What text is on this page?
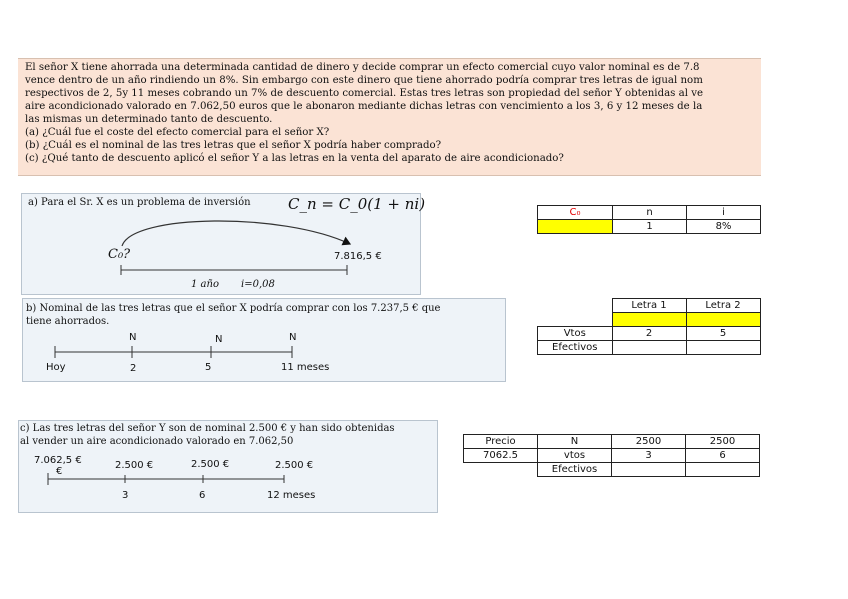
El señor X tiene ahorrada una determinada cantidad de dinero y decide comprar un efecto comercial cuyo valor nominal es de 7.8
vence dentro de un año rindiendo un 8%. Sin embargo con este dinero que tiene ahorrado podría comprar tres letras de igual nom
respectivos de 2, 5y 11 meses cobrando un 7% de descuento comercial. Estas tres letras son propiedad del señor Y obtenidas al ve
aire acondicionado valorado en 7.062,50 euros que le abonaron mediante dichas letras con vencimiento a los 3, 6 y 12 meses de la
las mismas un determinado tanto de descuento.
(a) ¿Cuál fue el coste del efecto comercial para el señor X?
(b) ¿Cuál es el nominal de las tres letras que el señor X podría haber comprado?
(c) ¿Qué tanto de descuento aplicó el señor Y a las letras en la venta del aparato de aire acondicionado?
a) Para el Sr. X es un problema de inversión C_n = C_0(1 + ni)
C₀?	7.816,5 €
1 año i=0,08
b) Nominal de las tres letras que el señor X podría comprar con los 7.237,5 € que
tiene ahorrados.
N	N	N
Hoy	2	5	11 meses
c) Las tres letras del señor Y son de nominal 2.500 € y han sido obtenidas
al vender un aire acondicionado valorado en 7.062,50
7.062,5 €
€
2.500 €	2.500 €	2.500 €
3	6	12 meses
C₀	n	i
	1	8%
	Letra 1	Letra 2

Vtos	2	5
Efectivos		
Precio	N	2500	2500
7062.5	vtos	3	6
	Efectivos		
